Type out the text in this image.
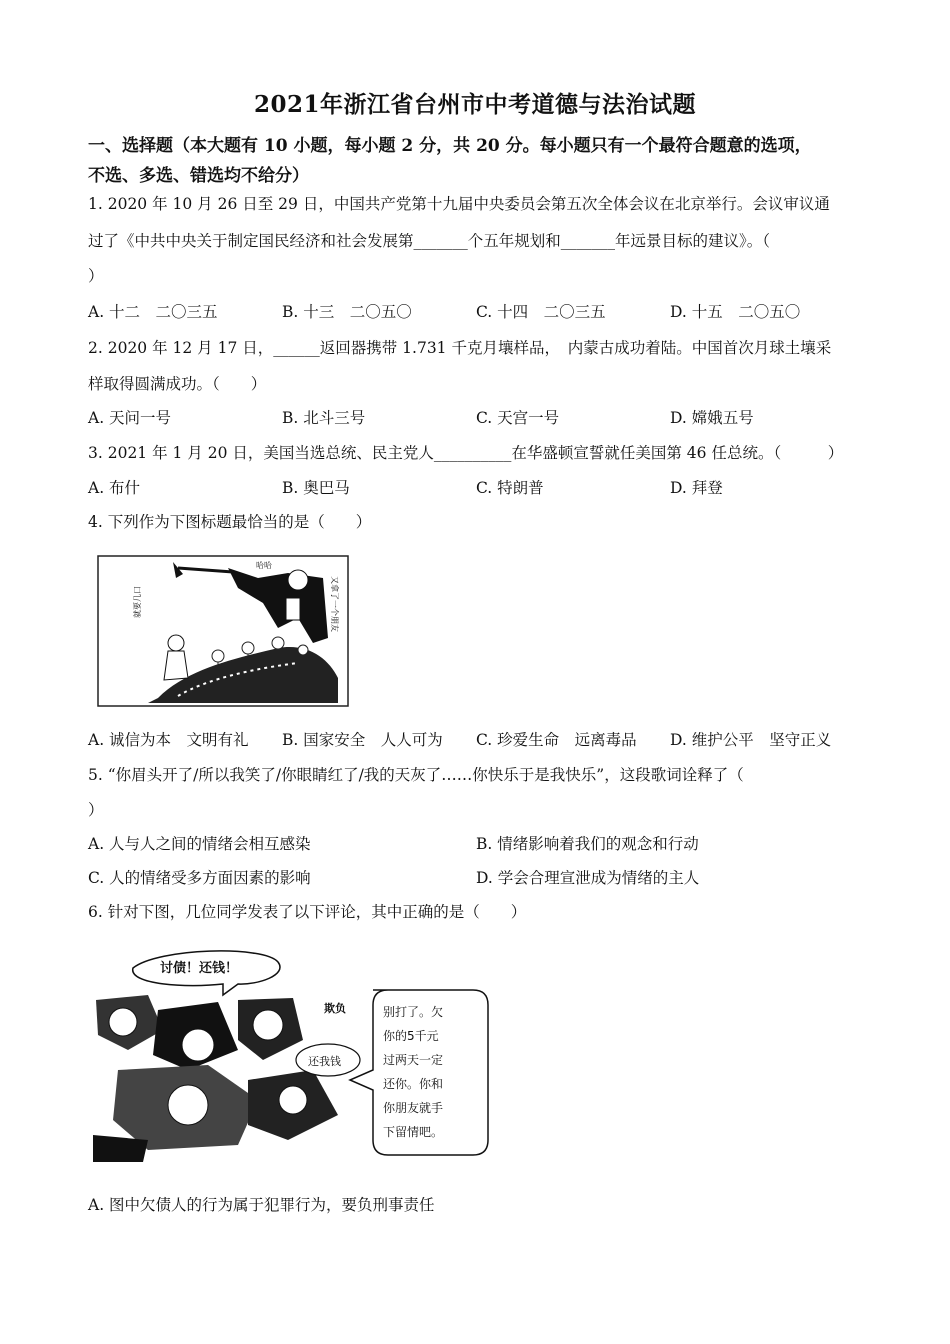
2021年浙江省台州市中考道德与法治试题
一、选择题（本大题有 10 小题，每小题 2 分，共 20 分。每小题只有一个最符合题意的选项，
不选、多选、错选均不给分）
1. 2020 年 10 月 26 日至 29 日，中国共产党第十九届中央委员会第五次全体会议在北京举行。会议审议通
过了《中共中央关于制定国民经济和社会发展第_______个五年规划和_______年远景目标的建议》。（
）
A. 十二　二〇三五	B. 十三　二〇五〇	C. 十四　二〇三五	D. 十五　二〇五〇
2. 2020 年 12 月 17 日，______返回器携带 1.731 千克月壤样品，　内蒙古成功着陆。中国首次月球土壤采
样取得圆满成功。（　　）
A. 天问一号	B. 北斗三号	C. 天宫一号	D. 嫦娥五号
3. 2021 年 1 月 20 日，美国当选总统、民主党人__________在华盛顿宣誓就任美国第 46 任总统。（　　　）
A. 布什	B. 奥巴马	C. 特朗普	D. 拜登
4. 下列作为下图标题最恰当的是（　　）
哈哈
就要几口	又拿了一个朋友
A. 诚信为本　文明有礼 B. 国家安全　人人可为 C. 珍爱生命　远离毒品 D. 维护公平　坚守正义
5. “你眉头开了/所以我笑了/你眼睛红了/我的天灰了……你快乐于是我快乐”，这段歌词诠释了（
）
A. 人与人之间的情绪会相互感染	B. 情绪影响着我们的观念和行动
C. 人的情绪受多方面因素的影响	D. 学会合理宣泄成为情绪的主人
6. 针对下图，几位同学发表了以下评论，其中正确的是（　　）
讨债！还钱！
欺负
还我钱
别打了。欠
你的5千元
过两天一定
还你。你和
你朋友就手
下留情吧。
A. 图中欠债人的行为属于犯罪行为，要负刑事责任
